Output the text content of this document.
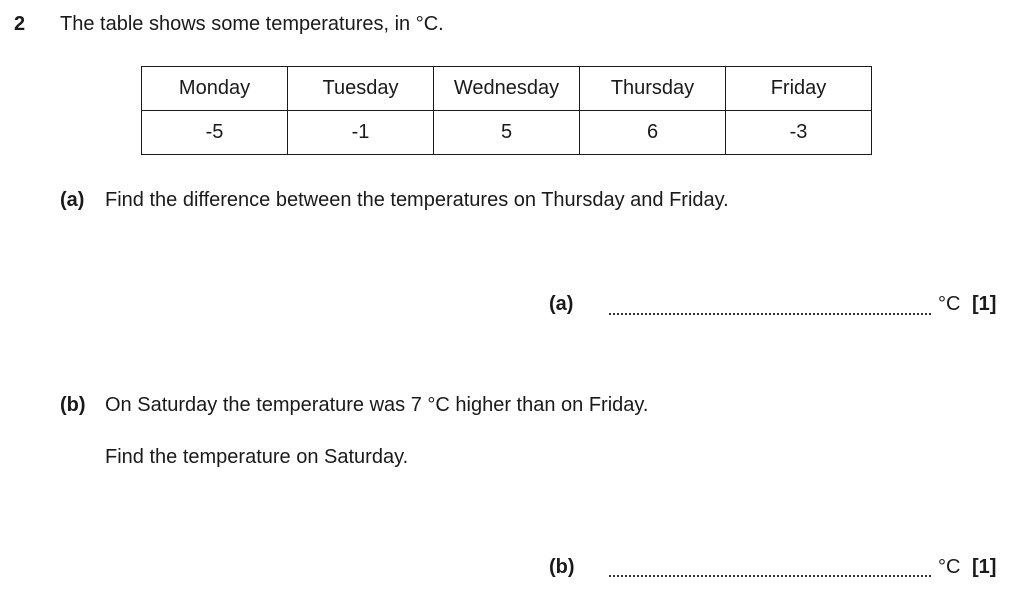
2 The table shows some temperatures, in °C.
Monday	Tuesday	Wednesday	Thursday	Friday
-5	-1	5	6	-3
(a) Find the difference between the temperatures on Thursday and Friday.
(a)	°C [1]
(b) On Saturday the temperature was 7 °C higher than on Friday.
Find the temperature on Saturday.
(b)	°C [1]
